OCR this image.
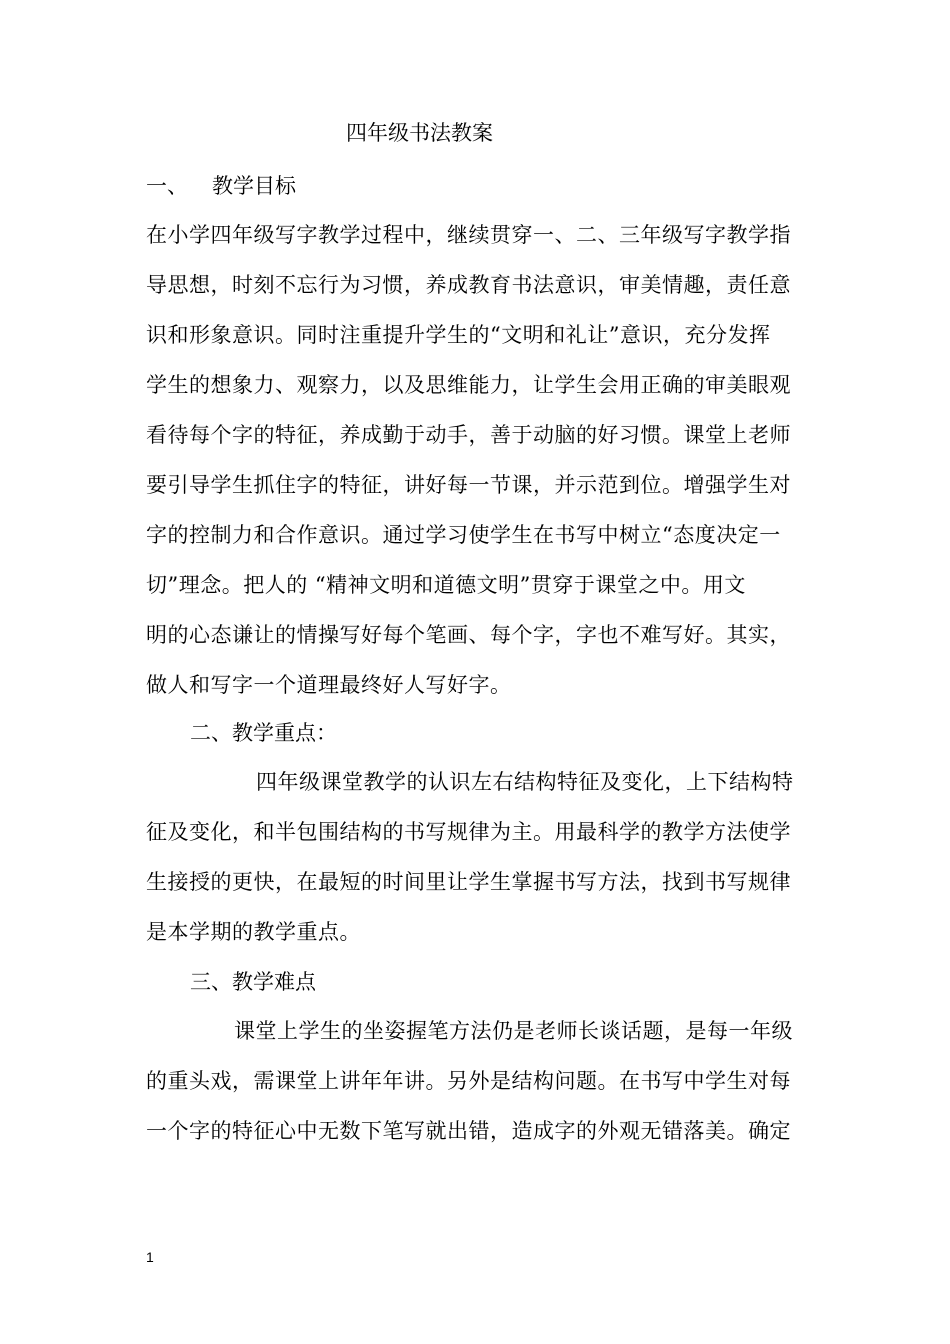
四年级书法教案
一、 教学目标
在小学四年级写字教学过程中，继续贯穿一、二、三年级写字教学指
导思想，时刻不忘行为习惯，养成教育书法意识，审美情趣，责任意
识和形象意识。同时注重提升学生的“文明和礼让”意识，充分发挥
学生的想象力、观察力，以及思维能力，让学生会用正确的审美眼观
看待每个字的特征，养成勤于动手，善于动脑的好习惯。课堂上老师
要引导学生抓住字的特征，讲好每一节课，并示范到位。增强学生对
字的控制力和合作意识。通过学习使学生在书写中树立“态度决定一
切”理念。把人的 “精神文明和道德文明”贯穿于课堂之中。用文
明的心态谦让的情操写好每个笔画、每个字，字也不难写好。其实，
做人和写字一个道理最终好人写好字。
二、教学重点：
四年级课堂教学的认识左右结构特征及变化，上下结构特
征及变化，和半包围结构的书写规律为主。用最科学的教学方法使学
生接授的更快，在最短的时间里让学生掌握书写方法，找到书写规律
是本学期的教学重点。
三、教学难点
课堂上学生的坐姿握笔方法仍是老师长谈话题，是每一年级
的重头戏，需课堂上讲年年讲。另外是结构问题。在书写中学生对每
一个字的特征心中无数下笔写就出错，造成字的外观无错落美。确定
1
